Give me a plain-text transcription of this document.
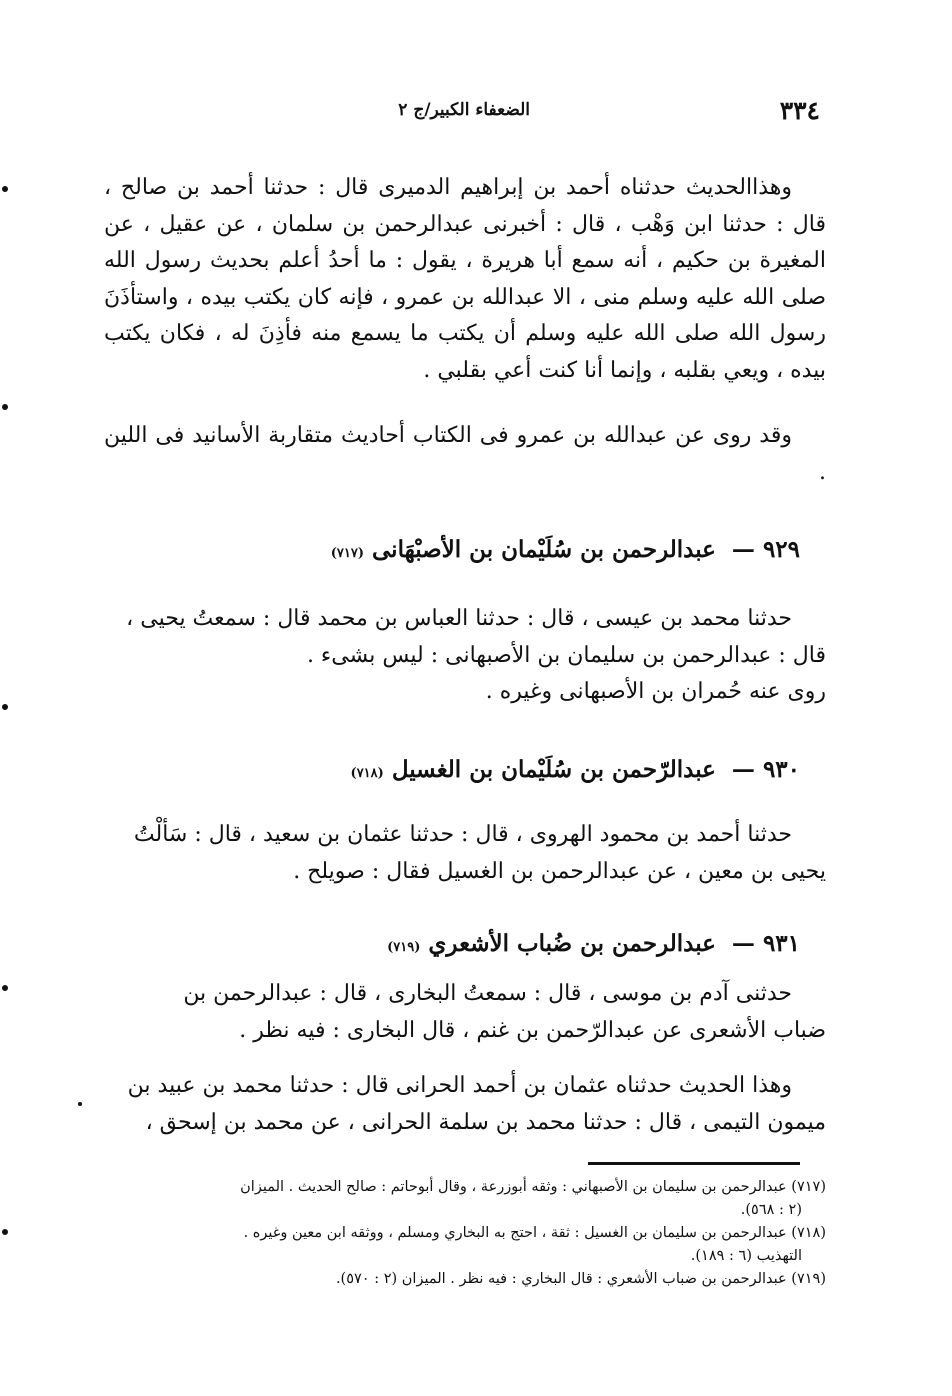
٣٣٤
الضعفاء الكبير/ج ٢
وهذاالحديث حدثناه أحمد بن إبراهيم الدميرى قال : حدثنا أحمد بن صالح ، قال : حدثنا ابن وَهْب ، قال : أخبرنى عبدالرحمن بن سلمان ، عن عقيل ، عن المغيرة بن حكيم ، أنه سمع أبا هريرة ، يقول : ما أحدُ أعلم بحديث رسول الله صلى الله عليه وسلم منى ، الا عبدالله بن عمرو ، فإنه كان يكتب بيده ، واستأذَنَ رسول الله صلى الله عليه وسلم أن يكتب ما يسمع منه فأذِنَ له ، فكان يكتب بيده ، ويعي بقلبه ، وإنما أنا كنت أعي بقلبي .
وقد روى عن عبدالله بن عمرو فى الكتاب أحاديث متقاربة الأسانيد فى اللين .
٩٢٩ — عبدالرحمن بن سُلَيْمان بن الأصبْهَانى (٧١٧)
حدثنا محمد بن عيسى ، قال : حدثنا العباس بن محمد قال : سمعتُ يحيى ،
قال : عبدالرحمن بن سليمان بن الأصبهانى : ليس بشىء .
روى عنه حُمران بن الأصبهانى وغيره .
٩٣٠ — عبدالرّحمن بن سُلَيْمان بن الغسيل (٧١٨)
حدثنا أحمد بن محمود الهروى ، قال : حدثنا عثمان بن سعيد ، قال : سَألْتُ
يحيى بن معين ، عن عبدالرحمن بن الغسيل فقال : صويلح .
٩٣١ — عبدالرحمن بن ضُباب الأشعري (٧١٩)
حدثنى آدم بن موسى ، قال : سمعتُ البخارى ، قال : عبدالرحمن بن
ضباب الأشعرى عن عبدالرّحمن بن غنم ، قال البخارى : فيه نظر .
وهذا الحديث حدثناه عثمان بن أحمد الحرانى قال : حدثنا محمد بن عبيد بن
ميمون التيمى ، قال : حدثنا محمد بن سلمة الحرانى ، عن محمد بن إسحق ،
(٧١٧) عبدالرحمن بن سليمان بن الأصبهاني : وثقه أبوزرعة ، وقال أبوحاتم : صالح الحديث . الميزان
(٢ : ٥٦٨).
(٧١٨) عبدالرحمن بن سليمان بن الغسيل : ثقة ، احتج به البخاري ومسلم ، ووثقه ابن معين وغيره .
التهذيب (٦ : ١٨٩).
(٧١٩) عبدالرحمن بن ضباب الأشعري : قال البخاري : فيه نظر . الميزان (٢ : ٥٧٠).
